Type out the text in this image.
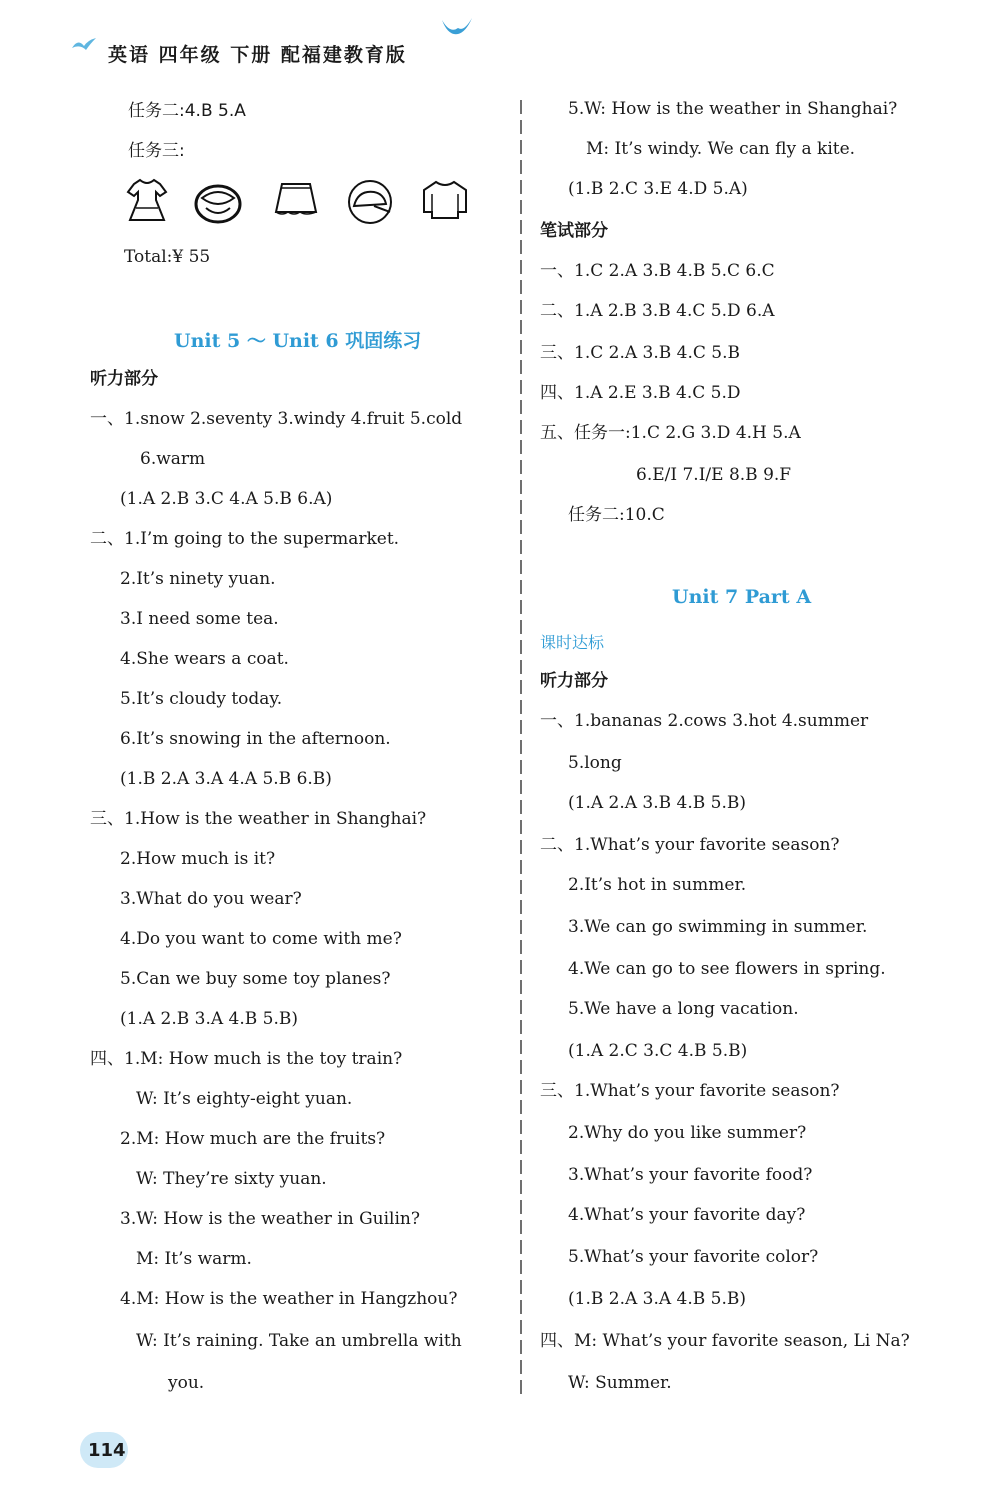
英语 四年级 下册 配福建教育版
任务二:4.B 5.A
任务三:
Total:¥ 55
Unit 5 ～ Unit 6 巩固练习
听力部分
一、1.snow 2.seventy 3.windy 4.fruit 5.cold
6.warm
(1.A 2.B 3.C 4.A 5.B 6.A)
二、1.I’m going to the supermarket.
2.It’s ninety yuan.
3.I need some tea.
4.She wears a coat.
5.It’s cloudy today.
6.It’s snowing in the afternoon.
(1.B 2.A 3.A 4.A 5.B 6.B)
三、1.How is the weather in Shanghai?
2.How much is it?
3.What do you wear?
4.Do you want to come with me?
5.Can we buy some toy planes?
(1.A 2.B 3.A 4.B 5.B)
四、1.M: How much is the toy train?
W: It’s eighty-eight yuan.
2.M: How much are the fruits?
W: They’re sixty yuan.
3.W: How is the weather in Guilin?
M: It’s warm.
4.M: How is the weather in Hangzhou?
W: It’s raining. Take an umbrella with
you.
5.W: How is the weather in Shanghai?
M: It’s windy. We can fly a kite.
(1.B 2.C 3.E 4.D 5.A)
笔试部分
一、1.C 2.A 3.B 4.B 5.C 6.C
二、1.A 2.B 3.B 4.C 5.D 6.A
三、1.C 2.A 3.B 4.C 5.B
四、1.A 2.E 3.B 4.C 5.D
五、任务一:1.C 2.G 3.D 4.H 5.A
6.E/I 7.I/E 8.B 9.F
任务二:10.C
Unit 7 Part A
课时达标
听力部分
一、1.bananas 2.cows 3.hot 4.summer
5.long
(1.A 2.A 3.B 4.B 5.B)
二、1.What’s your favorite season?
2.It’s hot in summer.
3.We can go swimming in summer.
4.We can go to see flowers in spring.
5.We have a long vacation.
(1.A 2.C 3.C 4.B 5.B)
三、1.What’s your favorite season?
2.Why do you like summer?
3.What’s your favorite food?
4.What’s your favorite day?
5.What’s your favorite color?
(1.B 2.A 3.A 4.B 5.B)
四、M: What’s your favorite season, Li Na?
W: Summer.
114
